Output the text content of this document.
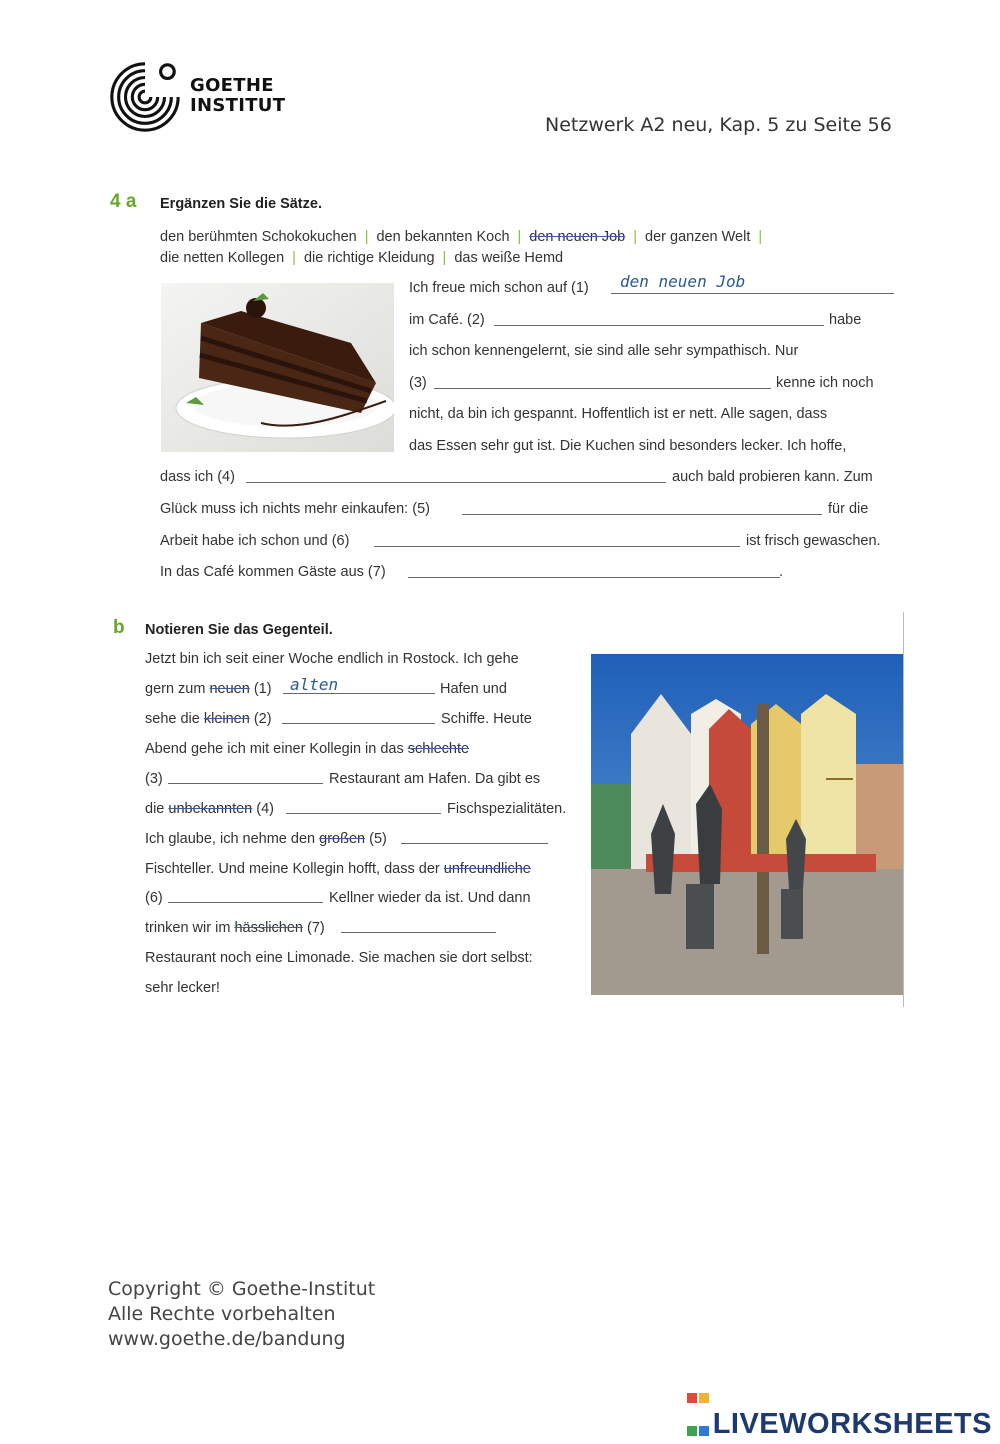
GOETHE
INSTITUT
Netzwerk A2 neu, Kap. 5 zu Seite 56
4 a Ergänzen Sie die Sätze.
den berühmten Schokokuchen | den bekannten Koch | den neuen Job | der ganzen Welt |
die netten Kollegen | die richtige Kleidung | das weiße Hemd
Ich freue mich schon auf (1) den neuen Job
im Café. (2)	habe
ich schon kennengelernt, sie sind alle sehr sympathisch. Nur
(3)	kenne ich noch
nicht, da bin ich gespannt. Hoffentlich ist er nett. Alle sagen, dass
das Essen sehr gut ist. Die Kuchen sind besonders lecker. Ich hoffe,
dass ich (4)	auch bald probieren kann. Zum
Glück muss ich nichts mehr einkaufen: (5)	für die
Arbeit habe ich schon und (6)	ist frisch gewaschen.
In das Café kommen Gäste aus (7)	.
b Notieren Sie das Gegenteil.
Jetzt bin ich seit einer Woche endlich in Rostock. Ich gehe
gern zum neuen (1) alten	Hafen und
sehe die kleinen (2)	Schiffe. Heute
Abend gehe ich mit einer Kollegin in das schlechte
(3)	Restaurant am Hafen. Da gibt es
die unbekannten (4)	Fischspezialitäten.
Ich glaube, ich nehme den großen (5)
Fischteller. Und meine Kollegin hofft, dass der unfreundliche
(6)	Kellner wieder da ist. Und dann
trinken wir im hässlichen (7)
Restaurant noch eine Limonade. Sie machen sie dort selbst:
sehr lecker!
Copyright © Goethe-Institut
Alle Rechte vorbehalten
www.goethe.de/bandung

LIVEWORKSHEETS
